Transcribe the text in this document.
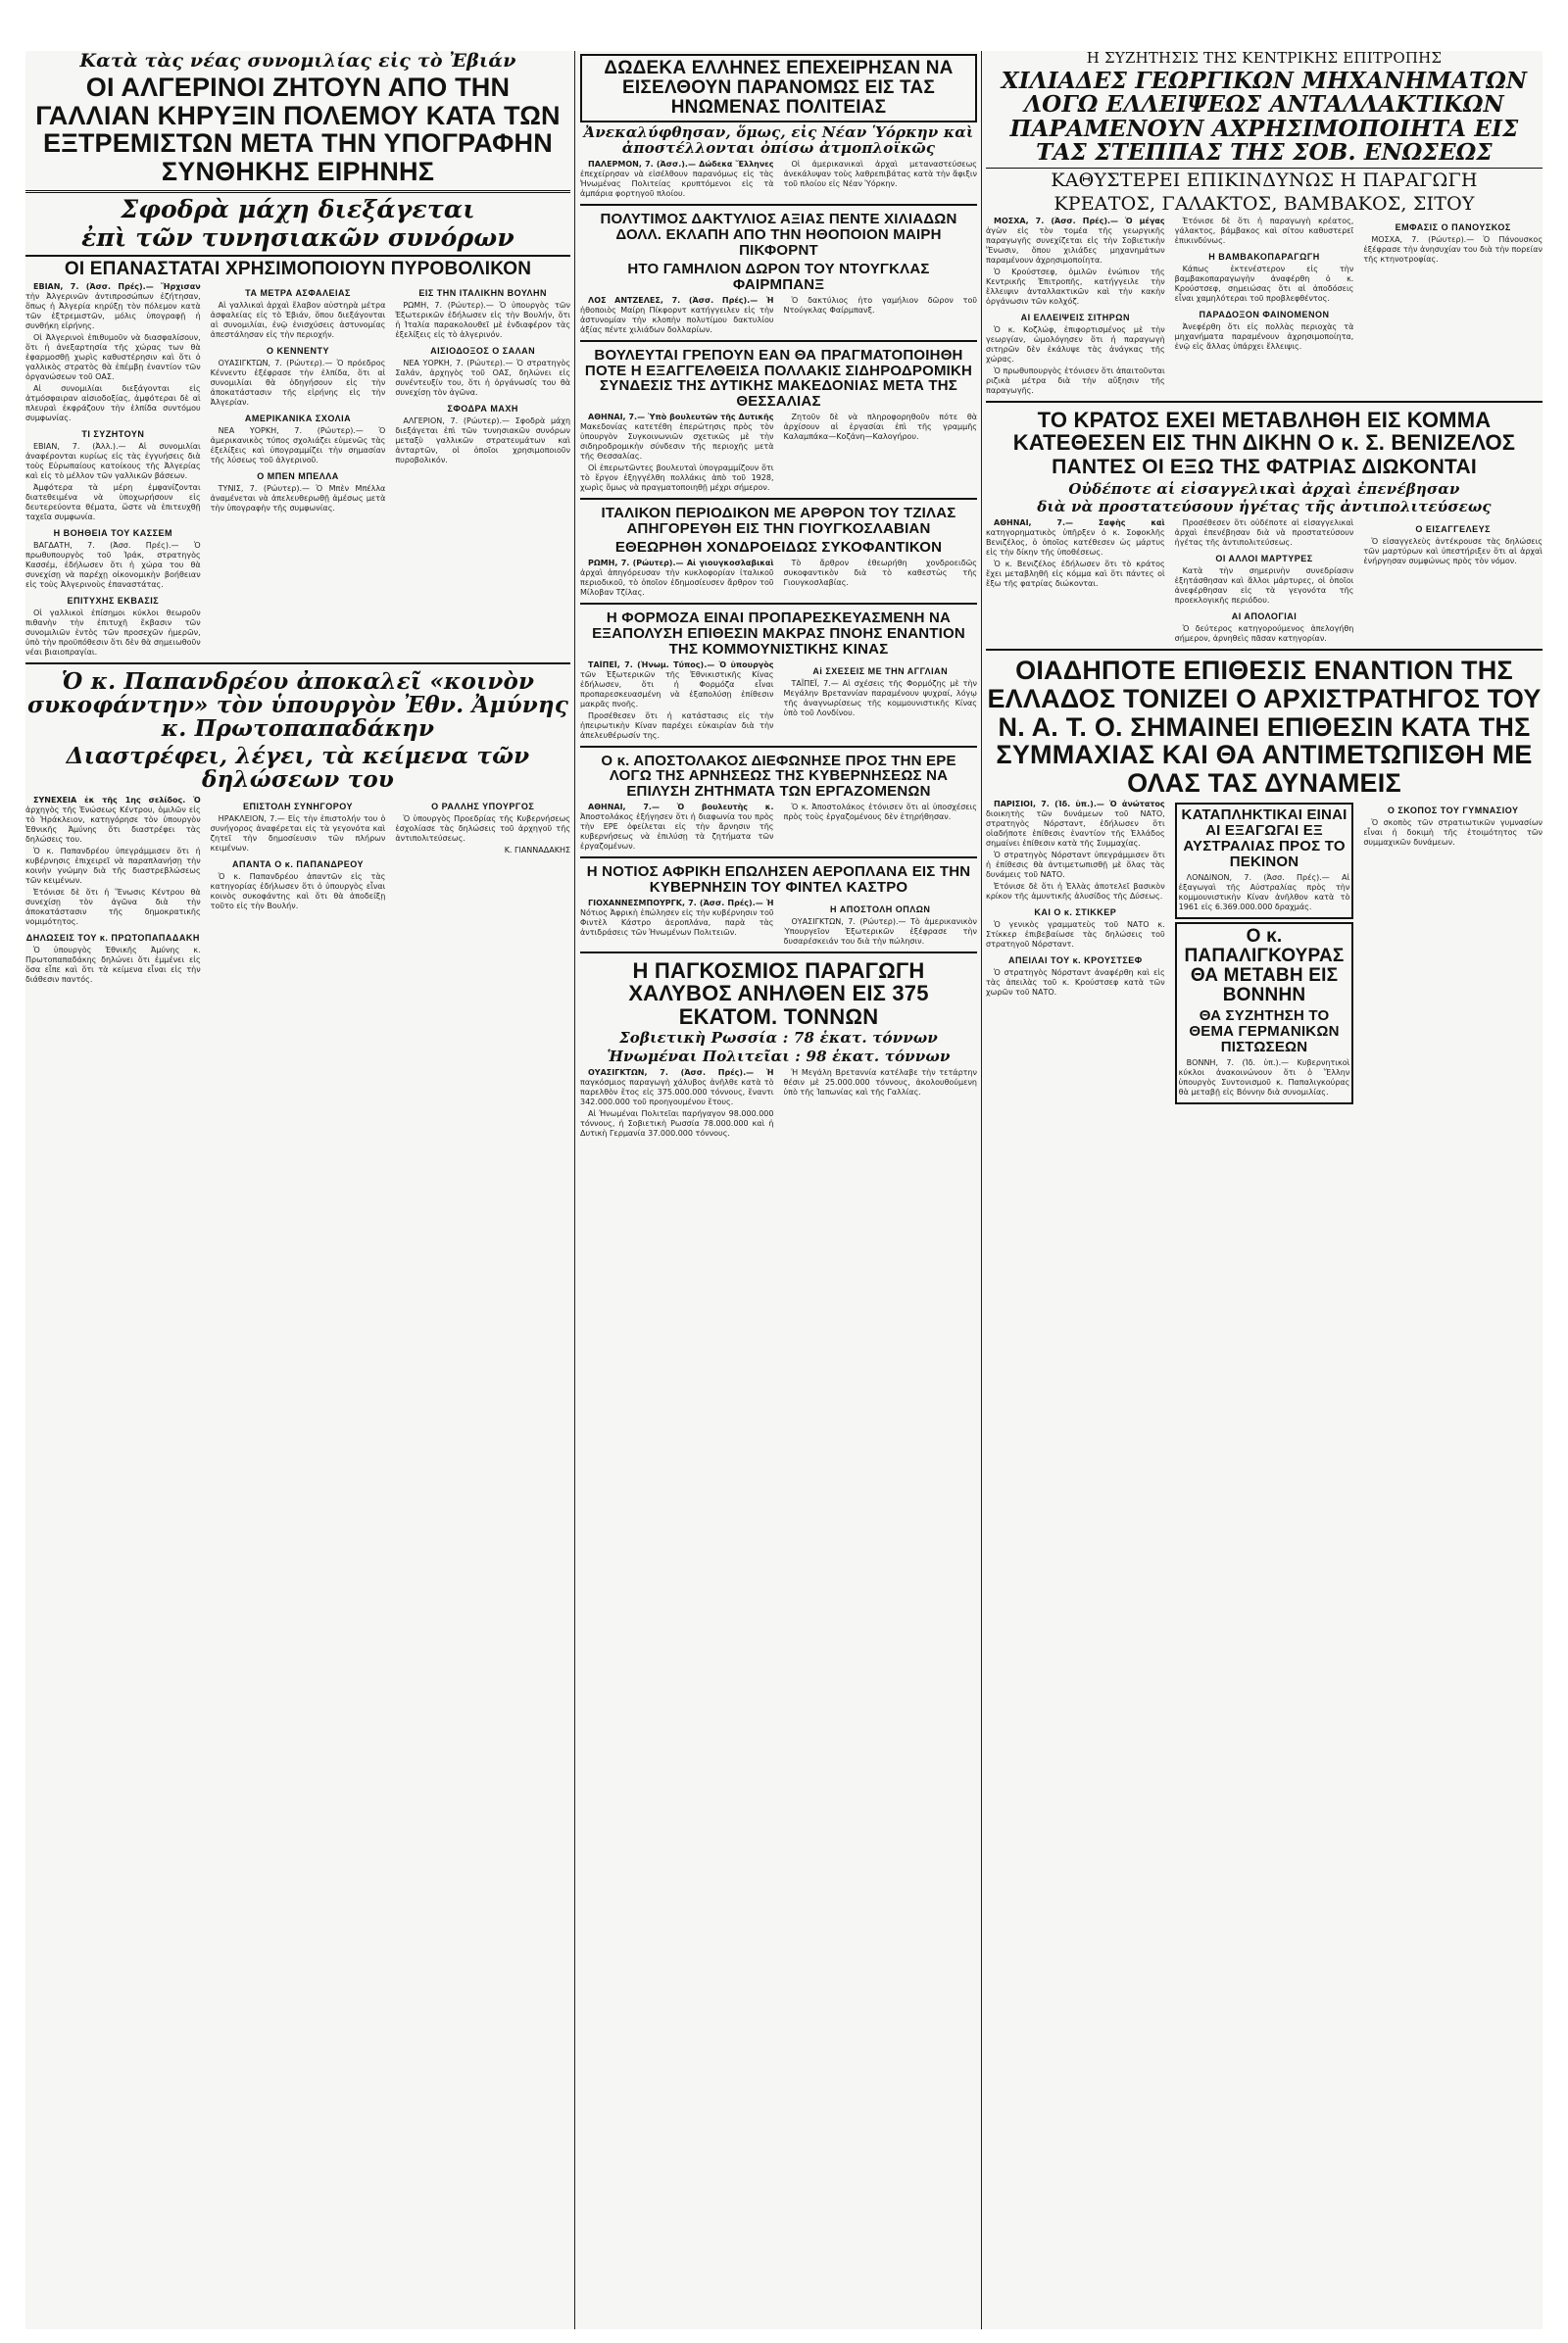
Κατὰ τὰς νέας συνομιλίας εἰς τὸ Ἐβιάν
ΟΙ ΑΛΓΕΡΙΝΟΙ ΖΗΤΟΥΝ ΑΠΟ ΤΗΝ ΓΑΛΛΙΑΝ ΚΗΡΥΞΙΝ ΠΟΛΕΜΟΥ ΚΑΤΑ ΤΩΝ ΕΞΤΡΕΜΙΣΤΩΝ ΜΕΤΑ ΤΗΝ ΥΠΟΓΡΑΦΗΝ ΣΥΝΘΗΚΗΣ ΕΙΡΗΝΗΣ
Σφοδρὰ μάχη διεξάγεται
ἐπὶ τῶν τυνησιακῶν συνόρων
ΟΙ ΕΠΑΝΑΣΤΑΤΑΙ ΧΡΗΣΙΜΟΠΟΙΟΥΝ ΠΥΡΟΒΟΛΙΚΟΝ

ΕΒΙΑΝ, 7. (Ἀσσ. Πρές).— Ἤρχισαν τὴν Ἀλγερινῶν ἀντιπροσώπων ἐζήτησαν, ὅπως ἡ Ἀλγερία κηρύξῃ τὸν πόλεμον κατὰ τῶν ἐξτρεμιστῶν, μόλις ὑπογραφῇ ἡ συνθήκη εἰρήνης.

Οἱ Ἀλγερινοὶ ἐπιθυμοῦν νὰ διασφαλίσουν, ὅτι ἡ ἀνεξαρτησία τῆς χώρας των θὰ ἐφαρμοσθῇ χωρὶς καθυστέρησιν καὶ ὅτι ὁ γαλλικὸς στρατὸς θὰ ἐπέμβῃ ἐναντίον τῶν ὀργανώσεων τοῦ ΟΑΣ.

Αἱ συνομιλίαι διεξάγονται εἰς ἀτμόσφαιραν αἰσιοδοξίας, ἀμφότεραι δὲ αἱ πλευραὶ ἐκφράζουν τὴν ἐλπίδα συντόμου συμφωνίας.

ΤΙ ΣΥΖΗΤΟΥΝ

ΕΒΙΑΝ, 7. (Ἀλλ.).— Αἱ συνομιλίαι ἀναφέρονται κυρίως εἰς τὰς ἐγγυήσεις διὰ τοὺς Εὐρωπαίους κατοίκους τῆς Ἀλγερίας καὶ εἰς τὸ μέλλον τῶν γαλλικῶν βάσεων.

Ἀμφότερα τὰ μέρη ἐμφανίζονται διατεθειμένα νὰ ὑποχωρήσουν εἰς δευτερεύοντα θέματα, ὥστε νὰ ἐπιτευχθῇ ταχεῖα συμφωνία.

Η ΒΟΗΘΕΙΑ ΤΟΥ ΚΑΣΣΕΜ

ΒΑΓΔΑΤΗ, 7. (Ἀσσ. Πρές).— Ὁ πρωθυπουργὸς τοῦ Ἰράκ, στρατηγὸς Κασσέμ, ἐδήλωσεν ὅτι ἡ χώρα του θὰ συνεχίσῃ νὰ παρέχῃ οἰκονομικὴν βοήθειαν εἰς τοὺς Ἀλγερινοὺς ἐπαναστάτας.

ΕΠΙΤΥΧΗΣ ΕΚΒΑΣΙΣ

Οἱ γαλλικοὶ ἐπίσημοι κύκλοι θεωροῦν πιθανὴν τὴν ἐπιτυχῆ ἔκβασιν τῶν συνομιλιῶν ἐντὸς τῶν προσεχῶν ἡμερῶν, ὑπὸ τὴν προϋπόθεσιν ὅτι δὲν θὰ σημειωθοῦν νέαι βιαιοπραγίαι.

ΤΑ ΜΕΤΡΑ ΑΣΦΑΛΕΙΑΣ

Αἱ γαλλικαὶ ἀρχαὶ ἔλαβον αὐστηρὰ μέτρα ἀσφαλείας εἰς τὸ Ἐβιάν, ὅπου διεξάγονται αἱ συνομιλίαι, ἐνῷ ἐνισχύσεις ἀστυνομίας ἀπεστάλησαν εἰς τὴν περιοχήν.

Ο ΚΕΝΝΕΝΤΥ

ΟΥΑΣΙΓΚΤΩΝ, 7. (Ρώυτερ).— Ὁ πρόεδρος Κέννεντυ ἐξέφρασε τὴν ἐλπίδα, ὅτι αἱ συνομιλίαι θὰ ὁδηγήσουν εἰς τὴν ἀποκατάστασιν τῆς εἰρήνης εἰς τὴν Ἀλγερίαν.

ΑΜΕΡΙΚΑΝΙΚΑ ΣΧΟΛΙΑ

ΝΕΑ ΥΟΡΚΗ, 7. (Ρώυτερ).— Ὁ ἀμερικανικὸς τύπος σχολιάζει εὐμενῶς τὰς ἐξελίξεις καὶ ὑπογραμμίζει τὴν σημασίαν τῆς λύσεως τοῦ ἀλγερινοῦ.

Ο ΜΠΕΝ ΜΠΕΛΛΑ

ΤΥΝΙΣ, 7. (Ρώυτερ).— Ὁ Μπὲν Μπέλλα ἀναμένεται νὰ ἀπελευθερωθῇ ἀμέσως μετὰ τὴν ὑπογραφὴν τῆς συμφωνίας.

ΕΙΣ ΤΗΝ ΙΤΑΛΙΚΗΝ ΒΟΥΛΗΝ

ΡΩΜΗ, 7. (Ρώυτερ).— Ὁ ὑπουργὸς τῶν Ἐξωτερικῶν ἐδήλωσεν εἰς τὴν Βουλήν, ὅτι ἡ Ἰταλία παρακολουθεῖ μὲ ἐνδιαφέρον τὰς ἐξελίξεις εἰς τὸ ἀλγερινόν.

ΑΙΣΙΟΔΟΞΟΣ Ο ΣΑΛΑΝ

ΝΕΑ ΥΟΡΚΗ, 7. (Ρώυτερ).— Ὁ στρατηγὸς Σαλάν, ἀρχηγὸς τοῦ ΟΑΣ, δηλώνει εἰς συνέντευξίν του, ὅτι ἡ ὀργάνωσίς του θὰ συνεχίσῃ τὸν ἀγῶνα.

ΣΦΟΔΡΑ ΜΑΧΗ

ΑΛΓΕΡΙΟΝ, 7. (Ρώυτερ).— Σφοδρὰ μάχη διεξάγεται ἐπὶ τῶν τυνησιακῶν συνόρων μεταξὺ γαλλικῶν στρατευμάτων καὶ ἀνταρτῶν, οἱ ὁποῖοι χρησιμοποιοῦν πυροβολικόν.

Ὁ κ. Παπανδρέου ἀποκαλεῖ «κοινὸν συκοφάντην» τὸν ὑπουργὸν Ἐθν. Ἀμύνης κ. Πρωτοπαπαδάκην
Διαστρέφει, λέγει, τὰ κείμενα τῶν δηλώσεων του

ΣΥΝΕΧΕΙΑ ἐκ τῆς 1ης σελίδος. Ὁ ἀρχηγὸς τῆς Ἑνώσεως Κέντρου, ὁμιλῶν εἰς τὸ Ἡράκλειον, κατηγόρησε τὸν ὑπουργὸν Ἐθνικῆς Ἀμύνης ὅτι διαστρέφει τὰς δηλώσεις του.

Ὁ κ. Παπανδρέου ὑπεγράμμισεν ὅτι ἡ κυβέρνησις ἐπιχειρεῖ νὰ παραπλανήσῃ τὴν κοινὴν γνώμην διὰ τῆς διαστρεβλώσεως τῶν κειμένων.

Ἐτόνισε δὲ ὅτι ἡ Ἕνωσις Κέντρου θὰ συνεχίσῃ τὸν ἀγῶνα διὰ τὴν ἀποκατάστασιν τῆς δημοκρατικῆς νομιμότητος.

ΔΗΛΩΣΕΙΣ ΤΟΥ κ. ΠΡΩΤΟΠΑΠΑΔΑΚΗ

Ὁ ὑπουργὸς Ἐθνικῆς Ἀμύνης κ. Πρωτοπαπαδάκης δηλώνει ὅτι ἐμμένει εἰς ὅσα εἶπε καὶ ὅτι τὰ κείμενα εἶναι εἰς τὴν διάθεσιν παντός.

ΕΠΙΣΤΟΛΗ ΣΥΝΗΓΟΡΟΥ

ΗΡΑΚΛΕΙΟΝ, 7.— Εἰς τὴν ἐπιστολήν του ὁ συνήγορος ἀναφέρεται εἰς τὰ γεγονότα καὶ ζητεῖ τὴν δημοσίευσιν τῶν πλήρων κειμένων.

ΑΠΑΝΤΑ Ο κ. ΠΑΠΑΝΔΡΕΟΥ

Ὁ κ. Παπανδρέου ἀπαντῶν εἰς τὰς κατηγορίας ἐδήλωσεν ὅτι ὁ ὑπουργὸς εἶναι κοινὸς συκοφάντης καὶ ὅτι θὰ ἀποδείξῃ τοῦτο εἰς τὴν Βουλήν.

Ο ΡΑΛΛΗΣ ΥΠΟΥΡΓΟΣ

Ὁ ὑπουργὸς Προεδρίας τῆς Κυβερνήσεως ἐσχολίασε τὰς δηλώσεις τοῦ ἀρχηγοῦ τῆς ἀντιπολιτεύσεως.

Κ. ΓΙΑΝΝΑΔΑΚΗΣ

ΔΩΔΕΚΑ ΕΛΛΗΝΕΣ ΕΠΕΧΕΙΡΗΣΑΝ ΝΑ ΕΙΣΕΛΘΟΥΝ ΠΑΡΑΝΟΜΩΣ ΕΙΣ ΤΑΣ ΗΝΩΜΕΝΑΣ ΠΟΛΙΤΕΙΑΣ
Ἀνεκαλύφθησαν, ὅμως, εἰς Νέαν Ὑόρκην καὶ ἀποστέλλονται ὀπίσω ἀτμοπλοϊκῶς

ΠΑΛΕΡΜΟΝ, 7. (Ἀσσ.).— Δώδεκα Ἕλληνες ἐπεχείρησαν νὰ εἰσέλθουν παρανόμως εἰς τὰς Ἡνωμένας Πολιτείας κρυπτόμενοι εἰς τὰ ἀμπάρια φορτηγοῦ πλοίου.

Οἱ ἀμερικανικαὶ ἀρχαὶ μεταναστεύσεως ἀνεκάλυψαν τοὺς λαθρεπιβάτας κατὰ τὴν ἄφιξιν τοῦ πλοίου εἰς Νέαν Ὑόρκην.

ΠΟΛΥΤΙΜΟΣ ΔΑΚΤΥΛΙΟΣ ΑΞΙΑΣ ΠΕΝΤΕ ΧΙΛΙΑΔΩΝ ΔΟΛΛ. ΕΚΛΑΠΗ ΑΠΟ ΤΗΝ ΗΘΟΠΟΙΟΝ ΜΑΙΡΗ ΠΙΚΦΟΡΝΤ
ΗΤΟ ΓΑΜΗΛΙΟΝ ΔΩΡΟΝ ΤΟΥ ΝΤΟΥΓΚΛΑΣ ΦΑΙΡΜΠΑΝΞ

ΛΟΣ ΑΝΤΖΕΛΕΣ, 7. (Ἀσσ. Πρές).— Ἡ ἠθοποιὸς Μαίρη Πίκφορντ κατήγγειλεν εἰς τὴν ἀστυνομίαν τὴν κλοπὴν πολυτίμου δακτυλίου ἀξίας πέντε χιλιάδων δολλαρίων.

Ὁ δακτύλιος ἦτο γαμήλιον δῶρον τοῦ Ντούγκλας Φαίρμπανξ.

ΒΟΥΛΕΥΤΑΙ ΓΡΕΠΟΥΝ ΕΑΝ ΘΑ ΠΡΑΓΜΑΤΟΠΟΙΗΘΗ ΠΟΤΕ Η ΕΞΑΓΓΕΛΘΕΙΣΑ ΠΟΛΛΑΚΙΣ ΣΙΔΗΡΟΔΡΟΜΙΚΗ ΣΥΝΔΕΣΙΣ ΤΗΣ ΔΥΤΙΚΗΣ ΜΑΚΕΔΟΝΙΑΣ ΜΕΤΑ ΤΗΣ ΘΕΣΣΑΛΙΑΣ

ΑΘΗΝΑΙ, 7.— Ὑπὸ βουλευτῶν τῆς Δυτικῆς Μακεδονίας κατετέθη ἐπερώτησις πρὸς τὸν ὑπουργὸν Συγκοινωνιῶν σχετικῶς μὲ τὴν σιδηροδρομικὴν σύνδεσιν τῆς περιοχῆς μετὰ τῆς Θεσσαλίας.

Οἱ ἐπερωτῶντες βουλευταὶ ὑπογραμμίζουν ὅτι τὸ ἔργον ἐξηγγέλθη πολλάκις ἀπὸ τοῦ 1928, χωρὶς ὅμως νὰ πραγματοποιηθῇ μέχρι σήμερον.

Ζητοῦν δὲ νὰ πληροφορηθοῦν πότε θὰ ἀρχίσουν αἱ ἐργασίαι ἐπὶ τῆς γραμμῆς Καλαμπάκα—Κοζάνη—Καλογήρου.

ΙΤΑΛΙΚΟΝ ΠΕΡΙΟΔΙΚΟΝ ΜΕ ΑΡΘΡΟΝ ΤΟΥ ΤΖΙΛΑΣ ΑΠΗΓΟΡΕΥΘΗ ΕΙΣ ΤΗΝ ΓΙΟΥΓΚΟΣΛΑΒΙΑΝ
ΕΘΕΩΡΗΘΗ ΧΟΝΔΡΟΕΙΔΩΣ ΣΥΚΟΦΑΝΤΙΚΟΝ

ΡΩΜΗ, 7. (Ρώυτερ).— Αἱ γιουγκοσλαβικαὶ ἀρχαὶ ἀπηγόρευσαν τὴν κυκλοφορίαν ἰταλικοῦ περιοδικοῦ, τὸ ὁποῖον ἐδημοσίευσεν ἄρθρον τοῦ Μίλοβαν Τζίλας.

Τὸ ἄρθρον ἐθεωρήθη χονδροειδῶς συκοφαντικὸν διὰ τὸ καθεστὼς τῆς Γιουγκοσλαβίας.

Η ΦΟΡΜΟΖΑ ΕΙΝΑΙ ΠΡΟΠΑΡΕΣΚΕΥΑΣΜΕΝΗ ΝΑ ΕΞΑΠΟΛΥΣΗ ΕΠΙΘΕΣΙΝ ΜΑΚΡΑΣ ΠΝΟΗΣ ΕΝΑΝΤΙΟΝ ΤΗΣ ΚΟΜΜΟΥΝΙΣΤΙΚΗΣ ΚΙΝΑΣ

ΤΑΪΠΕΪ, 7. (Ἡνωμ. Τύπος).— Ὁ ὑπουργὸς τῶν Ἐξωτερικῶν τῆς Ἐθνικιστικῆς Κίνας ἐδήλωσεν, ὅτι ἡ Φορμόζα εἶναι προπαρεσκευασμένη νὰ ἐξαπολύσῃ ἐπίθεσιν μακρᾶς πνοῆς.

Προσέθεσεν ὅτι ἡ κατάστασις εἰς τὴν ἠπειρωτικὴν Κίναν παρέχει εὐκαιρίαν διὰ τὴν ἀπελευθέρωσίν της.

Αἱ ΣΧΕΣΕΙΣ ΜΕ ΤΗΝ ΑΓΓΛΙΑΝ

ΤΑΪΠΕΪ, 7.— Αἱ σχέσεις τῆς Φορμόζης μὲ τὴν Μεγάλην Βρεταννίαν παραμένουν ψυχραί, λόγῳ τῆς ἀναγνωρίσεως τῆς κομμουνιστικῆς Κίνας ὑπὸ τοῦ Λονδίνου.

Ο κ. ΑΠΟΣΤΟΛΑΚΟΣ ΔΙΕΦΩΝΗΣΕ ΠΡΟΣ ΤΗΝ ΕΡΕ ΛΟΓΩ ΤΗΣ ΑΡΝΗΣΕΩΣ ΤΗΣ ΚΥΒΕΡΝΗΣΕΩΣ ΝΑ ΕΠΙΛΥΣΗ ΖΗΤΗΜΑΤΑ ΤΩΝ ΕΡΓΑΖΟΜΕΝΩΝ

ΑΘΗΝΑΙ, 7.— Ὁ βουλευτὴς κ. Ἀποστολάκος ἐξήγησεν ὅτι ἡ διαφωνία του πρὸς τὴν ΕΡΕ ὀφείλεται εἰς τὴν ἄρνησιν τῆς κυβερνήσεως νὰ ἐπιλύσῃ τὰ ζητήματα τῶν ἐργαζομένων.

Ὁ κ. Ἀποστολάκος ἐτόνισεν ὅτι αἱ ὑποσχέσεις πρὸς τοὺς ἐργαζομένους δὲν ἐτηρήθησαν.

Η ΝΟΤΙΟΣ ΑΦΡΙΚΗ ΕΠΩΛΗΣΕΝ ΑΕΡΟΠΛΑΝΑ ΕΙΣ ΤΗΝ ΚΥΒΕΡΝΗΣΙΝ ΤΟΥ ΦΙΝΤΕΛ ΚΑΣΤΡΟ

ΓΙΟΧΑΝΝΕΣΜΠΟΥΡΓΚ, 7. (Ἀσσ. Πρές).— Ἡ Νότιος Ἀφρικὴ ἐπώλησεν εἰς τὴν κυβέρνησιν τοῦ Φιντὲλ Κάστρο ἀεροπλάνα, παρὰ τὰς ἀντιδράσεις τῶν Ἡνωμένων Πολιτειῶν.

Η ΑΠΟΣΤΟΛΗ ΟΠΛΩΝ

ΟΥΑΣΙΓΚΤΩΝ, 7. (Ρώυτερ).— Τὸ ἀμερικανικὸν Ὑπουργεῖον Ἐξωτερικῶν ἐξέφρασε τὴν δυσαρέσκειάν του διὰ τὴν πώλησιν.

Η ΠΑΓΚΟΣΜΙΟΣ ΠΑΡΑΓΩΓΗ ΧΑΛΥΒΟΣ ΑΝΗΛΘΕΝ ΕΙΣ 375 ΕΚΑΤΟΜ. ΤΟΝΝΩΝ
Σοβιετικὴ Ρωσσία : 78 ἑκατ. τόννων
Ἡνωμέναι Πολιτεῖαι : 98 ἑκατ. τόννων

ΟΥΑΣΙΓΚΤΩΝ, 7. (Ἀσσ. Πρές).— Ἡ παγκόσμιος παραγωγὴ χάλυβος ἀνῆλθε κατὰ τὸ παρελθὸν ἔτος εἰς 375.000.000 τόννους, ἔναντι 342.000.000 τοῦ προηγουμένου ἔτους.

Αἱ Ἡνωμέναι Πολιτεῖαι παρήγαγον 98.000.000 τόννους, ἡ Σοβιετικὴ Ρωσσία 78.000.000 καὶ ἡ Δυτικὴ Γερμανία 37.000.000 τόννους.

Ἡ Μεγάλη Βρεταννία κατέλαβε τὴν τετάρτην θέσιν μὲ 25.000.000 τόννους, ἀκολουθούμενη ὑπὸ τῆς Ἰαπωνίας καὶ τῆς Γαλλίας.

Η ΣΥΖΗΤΗΣΙΣ ΤΗΣ ΚΕΝΤΡΙΚΗΣ ΕΠΙΤΡΟΠΗΣ
ΧΙΛΙΑΔΕΣ ΓΕΩΡΓΙΚΩΝ ΜΗΧΑΝΗΜΑΤΩΝ ΛΟΓΩ ΕΛΛΕΙΨΕΩΣ ΑΝΤΑΛΛΑΚΤΙΚΩΝ ΠΑΡΑΜΕΝΟΥΝ ΑΧΡΗΣΙΜΟΠΟΙΗΤΑ ΕΙΣ ΤΑΣ ΣΤΕΠΠΑΣ ΤΗΣ ΣΟΒ. ΕΝΩΣΕΩΣ
ΚΑΘΥΣΤΕΡΕΙ ΕΠΙΚΙΝΔΥΝΩΣ Η ΠΑΡΑΓΩΓΗ
ΚΡΕΑΤΟΣ, ΓΑΛΑΚΤΟΣ, ΒΑΜΒΑΚΟΣ, ΣΙΤΟΥ

ΜΟΣΧΑ, 7. (Ἀσσ. Πρές).— Ὁ μέγας ἀγὼν εἰς τὸν τομέα τῆς γεωργικῆς παραγωγῆς συνεχίζεται εἰς τὴν Σοβιετικὴν Ἕνωσιν, ὅπου χιλιάδες μηχανημάτων παραμένουν ἀχρησιμοποίητα.

Ὁ Κρούστσεφ, ὁμιλῶν ἐνώπιον τῆς Κεντρικῆς Ἐπιτροπῆς, κατήγγειλε τὴν ἔλλειψιν ἀνταλλακτικῶν καὶ τὴν κακὴν ὀργάνωσιν τῶν κολχόζ.

ΑΙ ΕΛΛΕΙΨΕΙΣ ΣΙΤΗΡΩΝ

Ὁ κ. Κοζλώφ, ἐπιφορτισμένος μὲ τὴν γεωργίαν, ὡμολόγησεν ὅτι ἡ παραγωγὴ σιτηρῶν δὲν ἐκάλυψε τὰς ἀνάγκας τῆς χώρας.

Ὁ πρωθυπουργὸς ἐτόνισεν ὅτι ἀπαιτοῦνται ριζικὰ μέτρα διὰ τὴν αὔξησιν τῆς παραγωγῆς.

Ἐτόνισε δὲ ὅτι ἡ παραγωγὴ κρέατος, γάλακτος, βάμβακος καὶ σίτου καθυστερεῖ ἐπικινδύνως.

Η ΒΑΜΒΑΚΟΠΑΡΑΓΩΓΗ

Κάπως ἐκτενέστερον εἰς τὴν βαμβακοπαραγωγὴν ἀναφέρθη ὁ κ. Κρούστσεφ, σημειώσας ὅτι αἱ ἀποδόσεις εἶναι χαμηλότεραι τοῦ προβλεφθέντος.

ΠΑΡΑΔΟΞΟΝ ΦΑΙΝΟΜΕΝΟΝ

Ἀνεφέρθη ὅτι εἰς πολλὰς περιοχὰς τὰ μηχανήματα παραμένουν ἀχρησιμοποίητα, ἐνῷ εἰς ἄλλας ὑπάρχει ἔλλειψις.

ΕΜΦΑΣΙΣ Ο ΠΑΝΟΥΣΚΟΣ

ΜΟΣΧΑ, 7. (Ρώυτερ).— Ὁ Πάνουσκος ἐξέφρασε τὴν ἀνησυχίαν του διὰ τὴν πορείαν τῆς κτηνοτροφίας.

ΤΟ ΚΡΑΤΟΣ ΕΧΕΙ ΜΕΤΑΒΛΗΘΗ ΕΙΣ ΚΟΜΜΑ ΚΑΤΕΘΕΣΕΝ ΕΙΣ ΤΗΝ ΔΙΚΗΝ Ο κ. Σ. ΒΕΝΙΖΕΛΟΣ
ΠΑΝΤΕΣ ΟΙ ΕΞΩ ΤΗΣ ΦΑΤΡΙΑΣ ΔΙΩΚΟΝΤΑΙ
Οὐδέποτε αἱ εἰσαγγελικαὶ ἀρχαὶ ἐπενέβησαν
διὰ νὰ προστατεύσουν ἡγέτας τῆς ἀντιπολιτεύσεως

ΑΘΗΝΑΙ, 7.— Σαφὴς καὶ κατηγορηματικὸς ὑπῆρξεν ὁ κ. Σοφοκλῆς Βενιζέλος, ὁ ὁποῖος κατέθεσεν ὡς μάρτυς εἰς τὴν δίκην τῆς ὑποθέσεως.

Ὁ κ. Βενιζέλος ἐδήλωσεν ὅτι τὸ κράτος ἔχει μεταβληθῆ εἰς κόμμα καὶ ὅτι πάντες οἱ ἔξω τῆς φατρίας διώκονται.

Προσέθεσεν ὅτι οὐδέποτε αἱ εἰσαγγελικαὶ ἀρχαὶ ἐπενέβησαν διὰ νὰ προστατεύσουν ἡγέτας τῆς ἀντιπολιτεύσεως.

ΟΙ ΑΛΛΟΙ ΜΑΡΤΥΡΕΣ

Κατὰ τὴν σημερινὴν συνεδρίασιν ἐξητάσθησαν καὶ ἄλλοι μάρτυρες, οἱ ὁποῖοι ἀνεφέρθησαν εἰς τὰ γεγονότα τῆς προεκλογικῆς περιόδου.

ΑΙ ΑΠΟΛΟΓΙΑΙ

Ὁ δεύτερος κατηγορούμενος ἀπελογήθη σήμερον, ἀρνηθεὶς πᾶσαν κατηγορίαν.

Ο ΕΙΣΑΓΓΕΛΕΥΣ

Ὁ εἰσαγγελεὺς ἀντέκρουσε τὰς δηλώσεις τῶν μαρτύρων καὶ ὑπεστήριξεν ὅτι αἱ ἀρχαὶ ἐνήργησαν συμφώνως πρὸς τὸν νόμον.

ΟΙΑΔΗΠΟΤΕ ΕΠΙΘΕΣΙΣ ΕΝΑΝΤΙΟΝ ΤΗΣ ΕΛΛΑΔΟΣ ΤΟΝΙΖΕΙ Ο ΑΡΧΙΣΤΡΑΤΗΓΟΣ ΤΟΥ Ν. Α. Τ. Ο. ΣΗΜΑΙΝΕΙ ΕΠΙΘΕΣΙΝ ΚΑΤΑ ΤΗΣ ΣΥΜΜΑΧΙΑΣ ΚΑΙ ΘΑ ΑΝΤΙΜΕΤΩΠΙΣΘΗ ΜΕ ΟΛΑΣ ΤΑΣ ΔΥΝΑΜΕΙΣ

ΠΑΡΙΣΙΟΙ, 7. (Ἰδ. ὑπ.).— Ὁ ἀνώτατος διοικητὴς τῶν δυνάμεων τοῦ ΝΑΤΟ, στρατηγὸς Νόρσταντ, ἐδήλωσεν ὅτι οἱαδήποτε ἐπίθεσις ἐναντίον τῆς Ἑλλάδος σημαίνει ἐπίθεσιν κατὰ τῆς Συμμαχίας.

Ὁ στρατηγὸς Νόρσταντ ὑπεγράμμισεν ὅτι ἡ ἐπίθεσις θὰ ἀντιμετωπισθῇ μὲ ὅλας τὰς δυνάμεις τοῦ ΝΑΤΟ.

Ἐτόνισε δὲ ὅτι ἡ Ἑλλὰς ἀποτελεῖ βασικὸν κρίκον τῆς ἀμυντικῆς ἀλυσίδος τῆς Δύσεως.

ΚΑΙ Ο κ. ΣΤΙΚΚΕΡ

Ὁ γενικὸς γραμματεὺς τοῦ ΝΑΤΟ κ. Στίκκερ ἐπιβεβαίωσε τὰς δηλώσεις τοῦ στρατηγοῦ Νόρσταντ.

ΑΠΕΙΛΑΙ ΤΟΥ κ. ΚΡΟΥΣΤΣΕΦ

Ὁ στρατηγὸς Νόρσταντ ἀναφέρθη καὶ εἰς τὰς ἀπειλὰς τοῦ κ. Κρούστσεφ κατὰ τῶν χωρῶν τοῦ ΝΑΤΟ.

ΚΑΤΑΠΛΗΚΤΙΚΑΙ ΕΙΝΑΙ ΑΙ ΕΞΑΓΩΓΑΙ ΕΞ ΑΥΣΤΡΑΛΙΑΣ ΠΡΟΣ ΤΟ ΠΕΚΙΝΟΝ

ΛΟΝΔΙΝΟΝ, 7. (Ἀσσ. Πρές).— Αἱ ἐξαγωγαὶ τῆς Αὐστραλίας πρὸς τὴν κομμουνιστικὴν Κίναν ἀνῆλθον κατὰ τὸ 1961 εἰς 6.369.000.000 δραχμάς.

Ο κ. ΠΑΠΑΛΙΓΚΟΥΡΑΣ ΘΑ ΜΕΤΑΒΗ ΕΙΣ ΒΟΝΝΗΝ
ΘΑ ΣΥΖΗΤΗΣΗ ΤΟ ΘΕΜΑ ΓΕΡΜΑΝΙΚΩΝ ΠΙΣΤΩΣΕΩΝ

ΒΟΝΝΗ, 7. (Ἰδ. ὑπ.).— Κυβερνητικοὶ κύκλοι ἀνακοινώνουν ὅτι ὁ Ἕλλην ὑπουργὸς Συντονισμοῦ κ. Παπαλιγκούρας θὰ μεταβῇ εἰς Βόννην διὰ συνομιλίας.

Ο ΣΚΟΠΟΣ ΤΟΥ ΓΥΜΝΑΣΙΟΥ

Ὁ σκοπὸς τῶν στρατιωτικῶν γυμνασίων εἶναι ἡ δοκιμὴ τῆς ἑτοιμότητος τῶν συμμαχικῶν δυνάμεων.
